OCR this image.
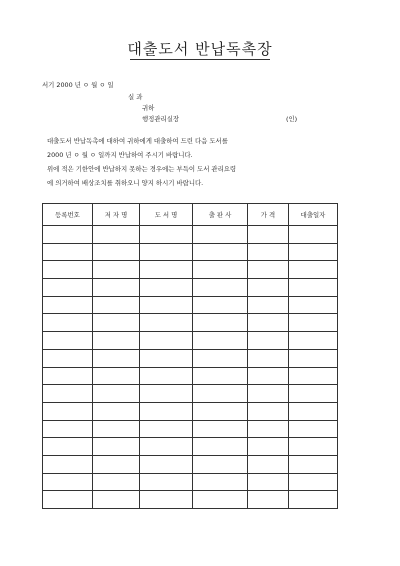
대출도서 반납독촉장
서기 2000 년 ㅇ 월 ㅇ 일
실 과
귀하
행정관리실장	(인)
대출도서 반납독촉에 대하여 귀하에게 대출하여 드린 다음 도서를
2000 년 ㅇ 월 ㅇ 일까지 반납하여 주시기 바랍니다.
위에 적은 기한안에 반납하지 못하는 경우에는 부득이 도서 관리요령
에 의거하여 배상조치를 취하오니 양지 하시기 바랍니다.
등록번호	저 자 명	도 서 명	출 판 사	가 격	대출일자
